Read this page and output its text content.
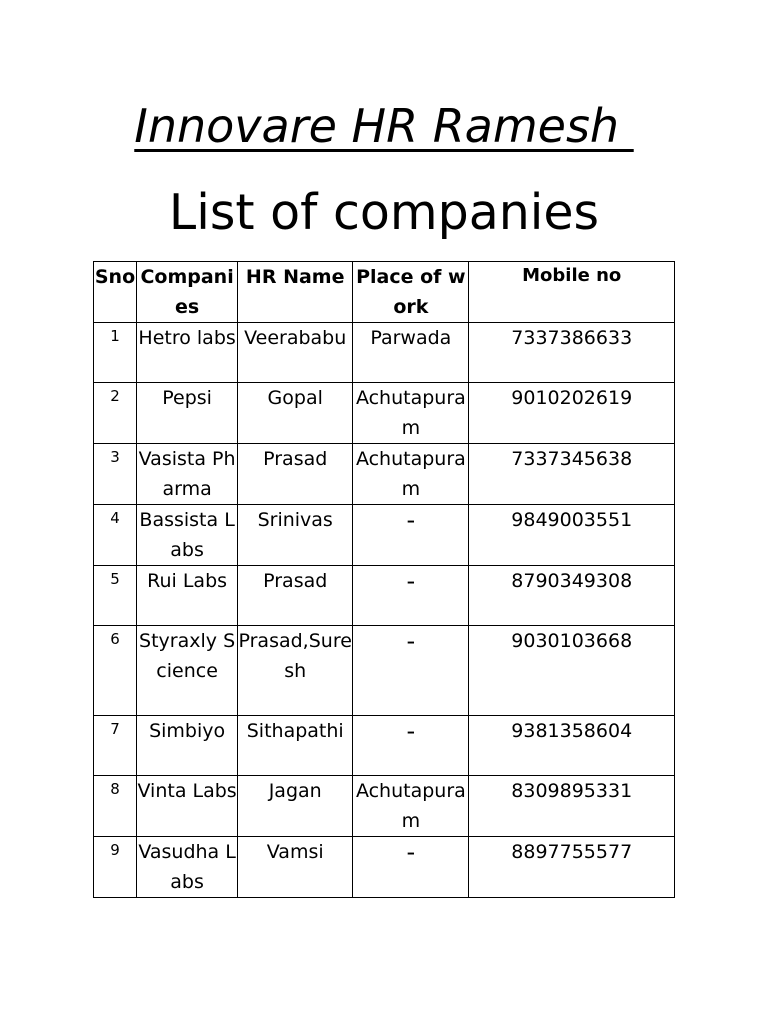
Innovare HR Ramesh
List of companies
Sno	Companies	HR Name	Place of work	Mobile no
1	Hetro labs	Veerababu	Parwada	7337386633
2	Pepsi	Gopal	Achutapuram	9010202619
3	Vasista Pharma	Prasad	Achutapuram	7337345638
4	Bassista Labs	Srinivas	-	9849003551
5	Rui Labs	Prasad	-	8790349308
6	Styraxly Science	Prasad,Suresh	-	9030103668
7	Simbiyo	Sithapathi	-	9381358604
8	Vinta Labs	Jagan	Achutapuram	8309895331
9	Vasudha Labs	Vamsi	-	8897755577
